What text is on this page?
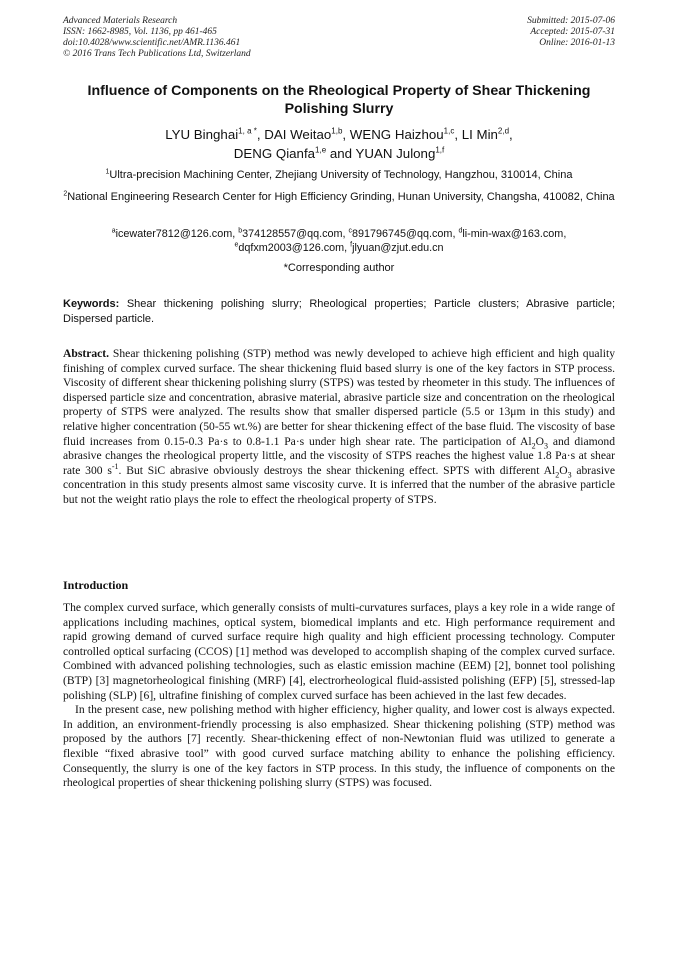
Advanced Materials Research
ISSN: 1662-8985, Vol. 1136, pp 461-465
doi:10.4028/www.scientific.net/AMR.1136.461
© 2016 Trans Tech Publications Ltd, Switzerland
Submitted: 2015-07-06
Accepted: 2015-07-31
Online: 2016-01-13
Influence of Components on the Rheological Property of Shear Thickening Polishing Slurry
LYU Binghai$^{1, a *}$, DAI Weitao$^{1,b}$, WENG Haizhou$^{1,c}$, LI Min$^{2,d}$,
DENG Qianfa$^{1,e}$ and YUAN Julong$^{1,f}$
$^1$Ultra-precision Machining Center, Zhejiang University of Technology, Hangzhou, 310014, China
$^2$National Engineering Research Center for High Efficiency Grinding, Hunan University, Changsha, 410082, China
$^a$icewater7812@126.com, $^b$374128557@qq.com, $^c$891796745@qq.com, $^d$li-min-wax@163.com,
$^e$dqfxm2003@126.com, $^f$jlyuan@zjut.edu.cn
*Corresponding author
Keywords: Shear thickening polishing slurry; Rheological properties; Particle clusters; Abrasive particle; Dispersed particle.

Abstract. Shear thickening polishing (STP) method was newly developed to achieve high efficient and high quality finishing of complex curved surface. The shear thickening fluid based slurry is one of the key factors in STP process. Viscosity of different shear thickening polishing slurry (STPS) was tested by rheometer in this study. The influences of dispersed particle size and concentration, abrasive material, abrasive particle size and concentration on the rheological property of STPS were analyzed. The results show that smaller dispersed particle (5.5 or 13μm in this study) and relative higher concentration (50-55 wt.%) are better for shear thickening effect of the base fluid. The viscosity of base fluid increases from 0.15-0.3 Pa·s to 0.8-1.1 Pa·s under high shear rate. The participation of $Al_2O_3$ and diamond abrasive changes the rheological property little, and the viscosity of STPS reaches the highest value 1.8 Pa·s at shear rate 300 $s^{-1}$. But SiC abrasive obviously destroys the shear thickening effect. SPTS with different $Al_2O_3$ abrasive concentration in this study presents almost same viscosity curve. It is inferred that the number of the abrasive particle but not the weight ratio plays the role to effect the rheological property of STPS.

Introduction

The complex curved surface, which generally consists of multi-curvatures surfaces, plays a key role in a wide range of applications including machines, optical system, biomedical implants and etc. High performance requirement and rapid growing demand of curved surface require high quality and high efficient processing technology. Computer controlled optical surfacing (CCOS) [1] method was developed to accomplish shaping of the complex curved surface. Combined with advanced polishing technologies, such as elastic emission machine (EEM) [2], bonnet tool polishing (BTP) [3] magnetorheological finishing (MRF) [4], electrorheological fluid-assisted polishing (EFP) [5], stressed-lap polishing (SLP) [6], ultrafine finishing of complex curved surface has been achieved in the last few decades.

In the present case, new polishing method with higher efficiency, higher quality, and lower cost is always expected. In addition, an environment-friendly processing is also emphasized. Shear thickening polishing (STP) method was proposed by the authors [7] recently. Shear-thickening effect of non-Newtonian fluid was utilized to generate a flexible “fixed abrasive tool” with good curved surface matching ability to enhance the polishing efficiency. Consequently, the slurry is one of the key factors in STP process. In this study, the influence of components on the rheological properties of shear thickening polishing slurry (STPS) was focused.
